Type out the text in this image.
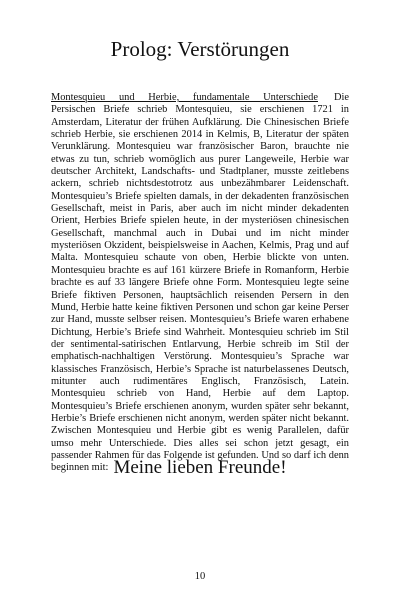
Prolog: Verstörungen

Montesquieu und Herbie, fundamentale Unterschiede Die Persischen Briefe schrieb Montesquieu, sie erschienen 1721 in Amsterdam, Literatur der frühen Aufklärung. Die Chinesischen Briefe schrieb Herbie, sie erschienen 2014 in Kelmis, B, Literatur der späten Verunklärung. Montesquieu war französischer Baron, brauchte nie etwas zu tun, schrieb womöglich aus purer Langeweile, Herbie war deutscher Architekt, Landschafts- und Stadtplaner, musste zeitlebens ackern, schrieb nichtsdestotrotz aus unbezähmbarer Leidenschaft. Montesquieu’s Briefe spielten damals, in der dekadenten französischen Gesellschaft, meist in Paris, aber auch im nicht minder dekadenten Orient, Herbies Briefe spielen heute, in der mysteriösen chinesischen Gesellschaft, manchmal auch in Dubai und im nicht minder mysteriösen Okzident, beispielsweise in Aachen, Kelmis, Prag und auf Malta. Montesquieu schaute von oben, Herbie blickte von unten. Montesquieu brachte es auf 161 kürzere Briefe in Romanform, Herbie brachte es auf 33 längere Briefe ohne Form. Montesquieu legte seine Briefe fiktiven Personen, hauptsächlich reisenden Persern in den Mund, Herbie hatte keine fiktiven Personen und schon gar keine Perser zur Hand, musste selbser reisen. Montesquieu’s Briefe waren erhabene Dichtung, Herbie’s Briefe sind Wahrheit. Montesquieu schrieb im Stil der sentimental-satirischen Entlarvung, Herbie schreib im Stil der emphatisch-nachhaltigen Verstörung. Montesquieu’s Sprache war klassisches Französisch, Herbie’s Sprache ist naturbelassenes Deutsch, mitunter auch rudimentäres Englisch, Französisch, Latein. Montesquieu schrieb von Hand, Herbie auf dem Laptop. Montesquieu’s Briefe erschienen anonym, wurden später sehr bekannt, Herbie’s Briefe erschienen nicht anonym, werden später nicht bekannt. Zwischen Montesquieu und Herbie gibt es wenig Parallelen, dafür umso mehr Unterschiede. Dies alles sei schon jetzt gesagt, ein passender Rahmen für das Folgende ist gefunden. Und so darf ich denn beginnen mit: Meine lieben Freunde!
10
